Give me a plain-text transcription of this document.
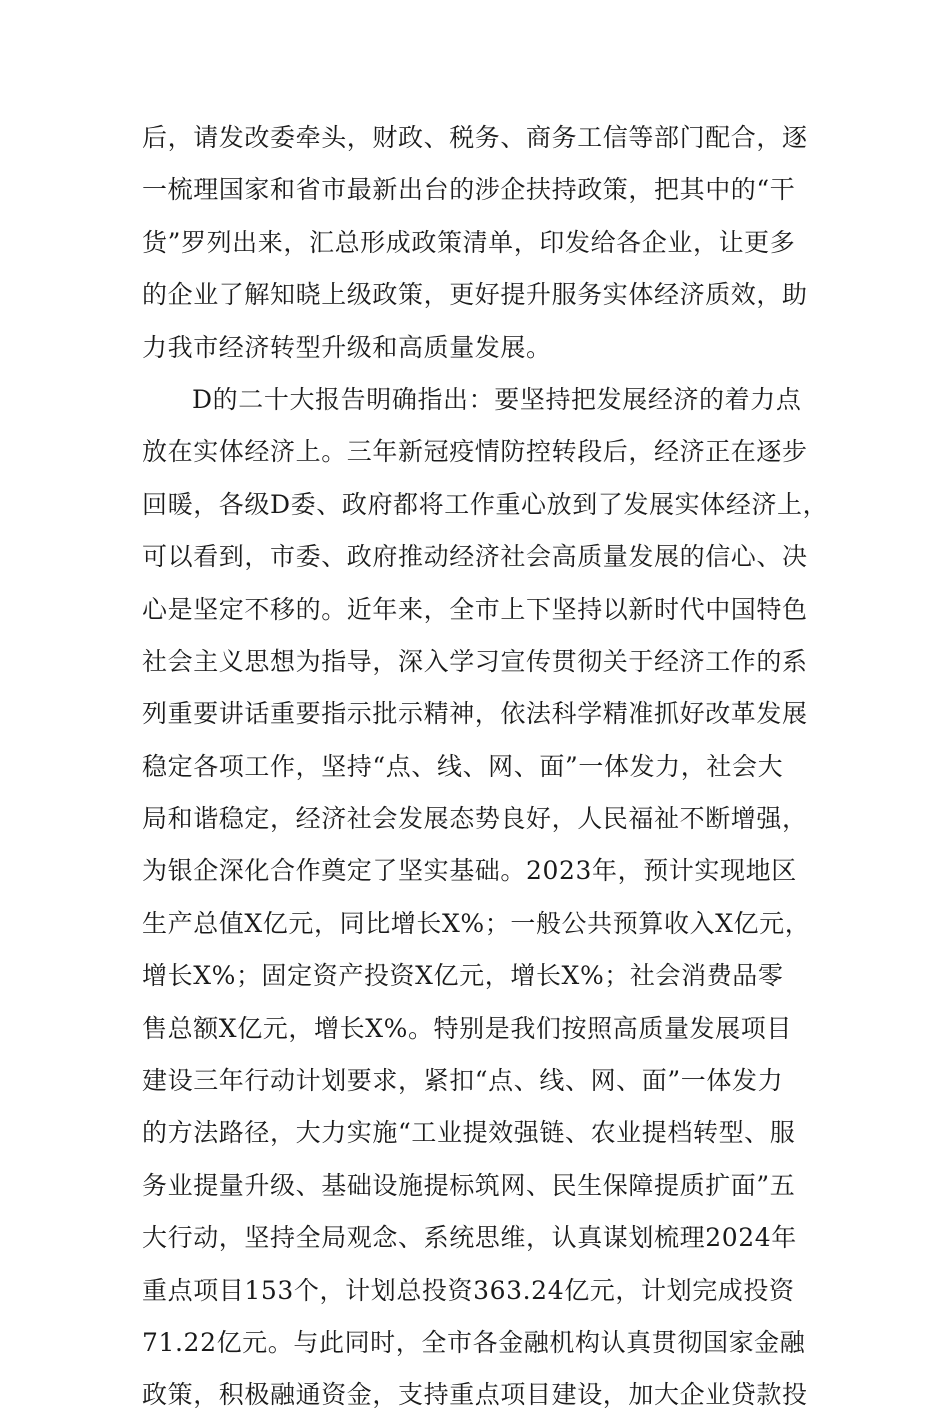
后，请发改委牵头，财政、税务、商务工信等部门配合，逐
一梳理国家和省市最新出台的涉企扶持政策，把其中的“干
货”罗列出来，汇总形成政策清单，印发给各企业，让更多
的企业了解知晓上级政策，更好提升服务实体经济质效，助
力我市经济转型升级和高质量发展。
D的二十大报告明确指出：要坚持把发展经济的着力点
放在实体经济上。三年新冠疫情防控转段后，经济正在逐步
回暖，各级D委、政府都将工作重心放到了发展实体经济上，
可以看到，市委、政府推动经济社会高质量发展的信心、决
心是坚定不移的。近年来，全市上下坚持以新时代中国特色
社会主义思想为指导，深入学习宣传贯彻关于经济工作的系
列重要讲话重要指示批示精神，依法科学精准抓好改革发展
稳定各项工作，坚持“点、线、网、面”一体发力，社会大
局和谐稳定，经济社会发展态势良好，人民福祉不断增强，
为银企深化合作奠定了坚实基础。2023年，预计实现地区
生产总值X亿元，同比增长X%；一般公共预算收入X亿元，
增长X%；固定资产投资X亿元，增长X%；社会消费品零
售总额X亿元，增长X%。特别是我们按照高质量发展项目
建设三年行动计划要求，紧扣“点、线、网、面”一体发力
的方法路径，大力实施“工业提效强链、农业提档转型、服
务业提量升级、基础设施提标筑网、民生保障提质扩面”五
大行动，坚持全局观念、系统思维，认真谋划梳理2024年
重点项目153个，计划总投资363.24亿元，计划完成投资
71.22亿元。与此同时，全市各金融机构认真贯彻国家金融
政策，积极融通资金，支持重点项目建设，加大企业贷款投
